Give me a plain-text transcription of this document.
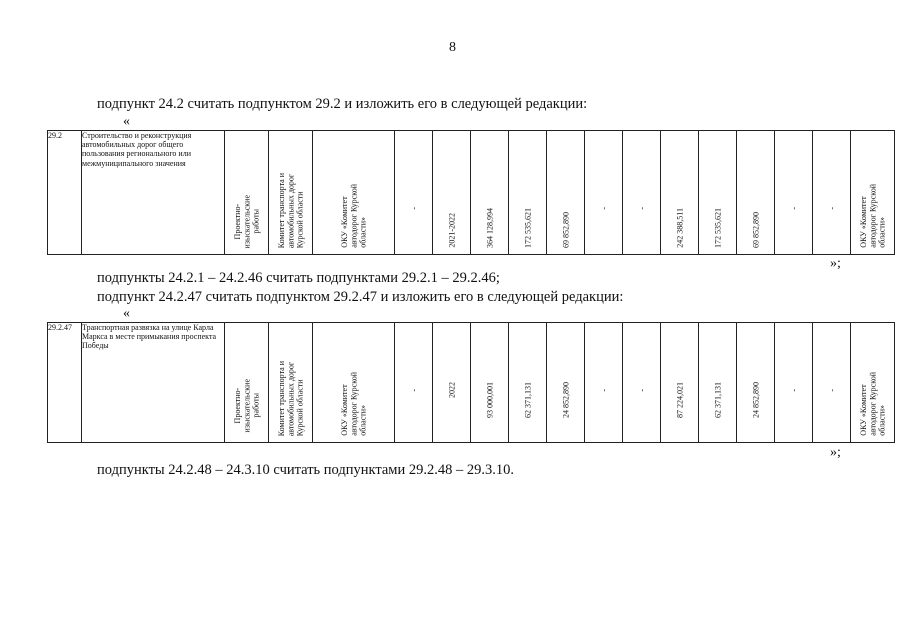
8
подпункт 24.2 считать подпунктом 29.2 и изложить его в следующей редакции:
«
29.2	Строительство и реконструкция автомобильных дорог общего пользования регионального или межмуниципального значения	
Проектно-
изыскательские
работы	Комитет транспорта и
автомобильных дорог
Курской области

ОКУ «Комитет
автодорог Курской
области»

-

2021-2022	364 128,994	172 535,621	69 852,890

-	-	242 388,511	172 535,621	69 852,890

-	-

ОКУ «Комитет
автодорог Курской
области»
»;
подпункты 24.2.1 – 24.2.46 считать подпунктами 29.2.1 – 29.2.46;
подпункт 24.2.47 считать подпунктом 29.2.47 и изложить его в следующей редакции:
«
29.2.47	Транспортная развязка на улице Карла Маркса в месте примыкания проспекта Победы	
Проектно-
изыскательские
работы

Комитет транспорта и
автомобильных дорог
Курской области

ОКУ «Комитет
автодорог Курской
области»

-	2022	93 000,001	62 371,131	24 852,890	-	-	87 224,021	62 371,131	24 852,890	-	-

ОКУ «Комитет
автодорог Курской
области»
»;
подпункты 24.2.48 – 24.3.10 считать подпунктами 29.2.48 – 29.3.10.
